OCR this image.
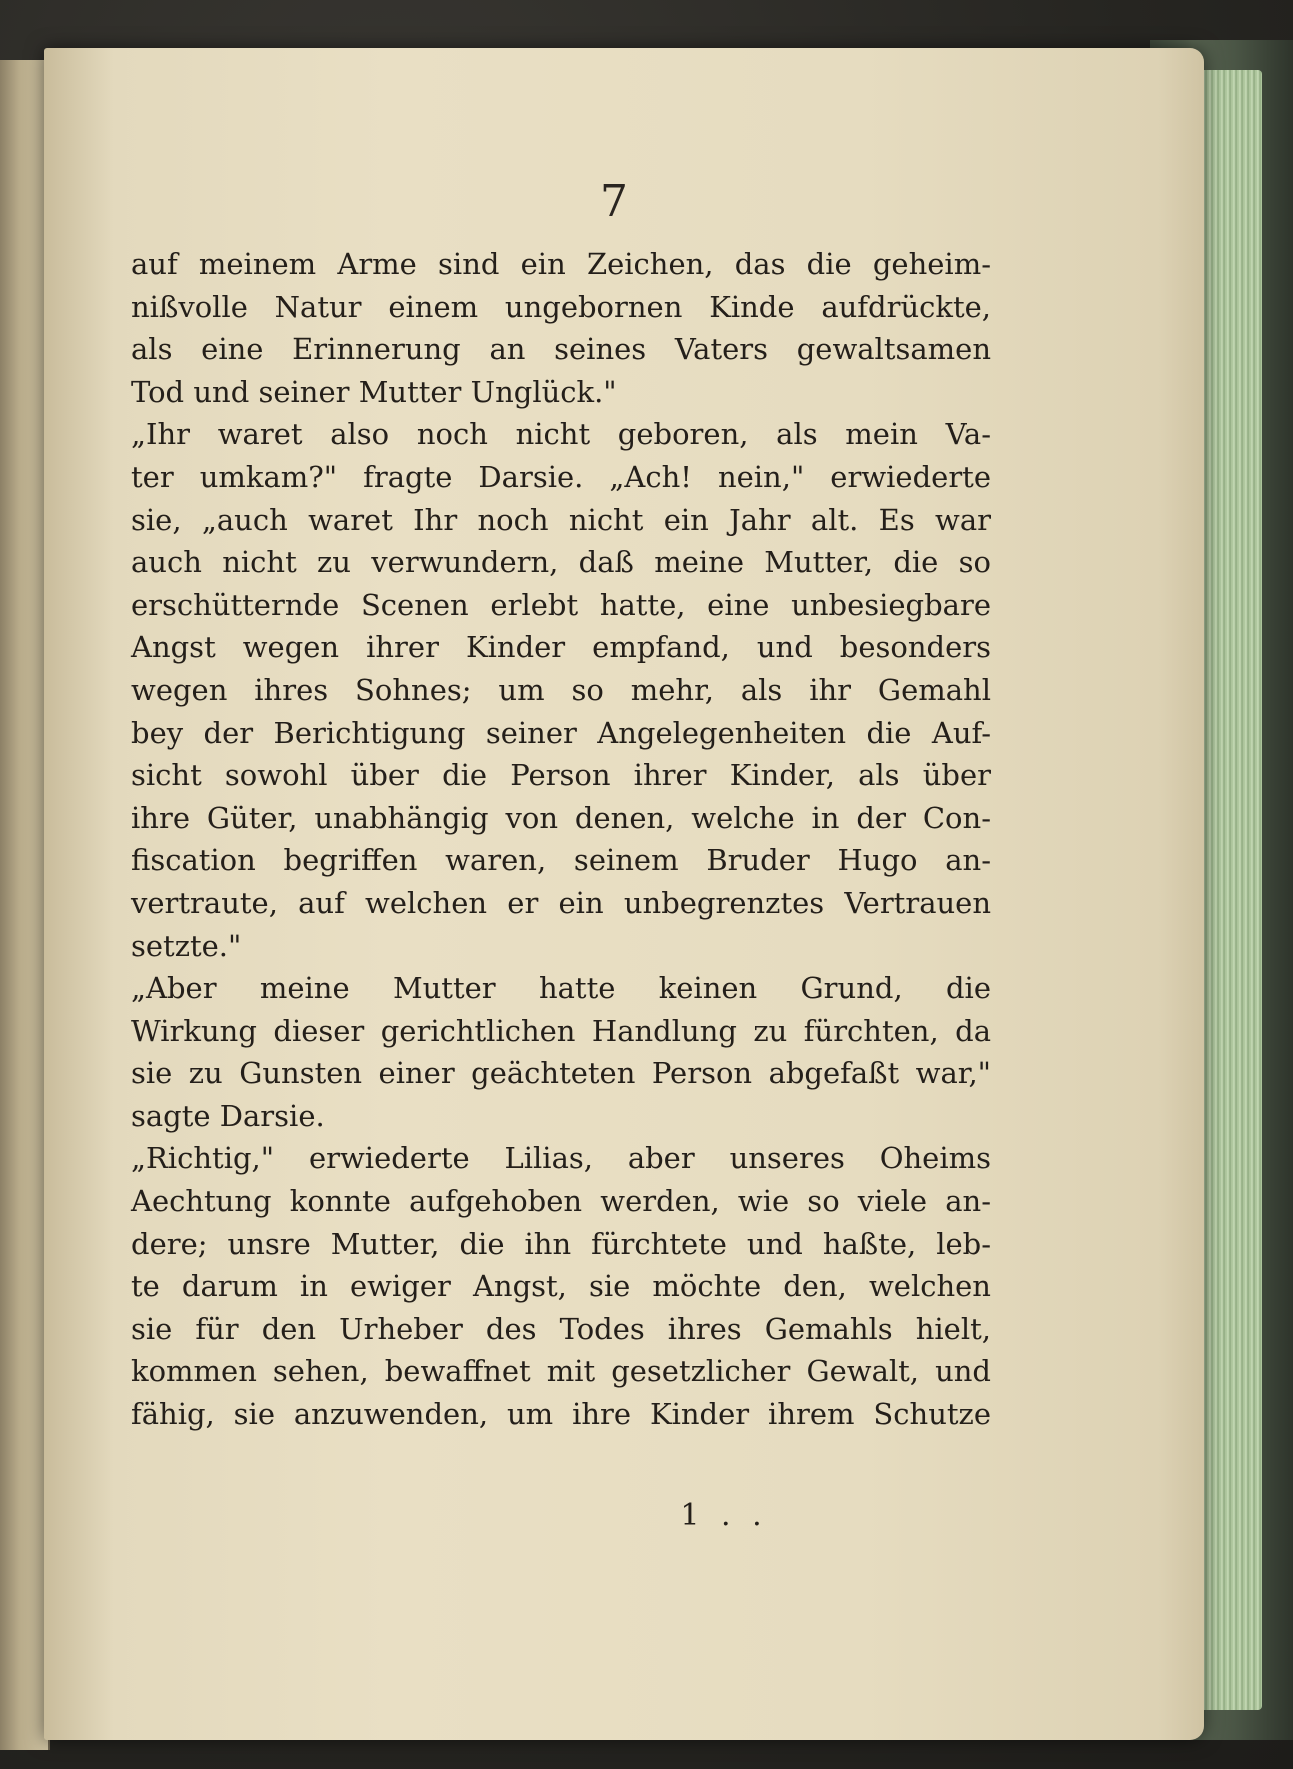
7
auf meinem Arme sind ein Zeichen, das die geheim-
nißvolle Natur einem ungebornen Kinde aufdrückte,
als eine Erinnerung an seines Vaters gewaltsamen
Tod und seiner Mutter Unglück."
„Ihr waret also noch nicht geboren, als mein Va-
ter umkam?" fragte Darsie. „Ach! nein," erwiederte
sie, „auch waret Ihr noch nicht ein Jahr alt. Es war
auch nicht zu verwundern, daß meine Mutter, die so
erschütternde Scenen erlebt hatte, eine unbesiegbare
Angst wegen ihrer Kinder empfand, und besonders
wegen ihres Sohnes; um so mehr, als ihr Gemahl
bey der Berichtigung seiner Angelegenheiten die Auf-
sicht sowohl über die Person ihrer Kinder, als über
ihre Güter, unabhängig von denen, welche in der Con-
fiscation begriffen waren, seinem Bruder Hugo an-
vertraute, auf welchen er ein unbegrenztes Vertrauen
setzte."
„Aber meine Mutter hatte keinen Grund, die
Wirkung dieser gerichtlichen Handlung zu fürchten, da
sie zu Gunsten einer geächteten Person abgefaßt war,"
sagte Darsie.
„Richtig," erwiederte Lilias, aber unseres Oheims
Aechtung konnte aufgehoben werden, wie so viele an-
dere; unsre Mutter, die ihn fürchtete und haßte, leb-
te darum in ewiger Angst, sie möchte den, welchen
sie für den Urheber des Todes ihres Gemahls hielt,
kommen sehen, bewaffnet mit gesetzlicher Gewalt, und
fähig, sie anzuwenden, um ihre Kinder ihrem Schutze
1 . .
